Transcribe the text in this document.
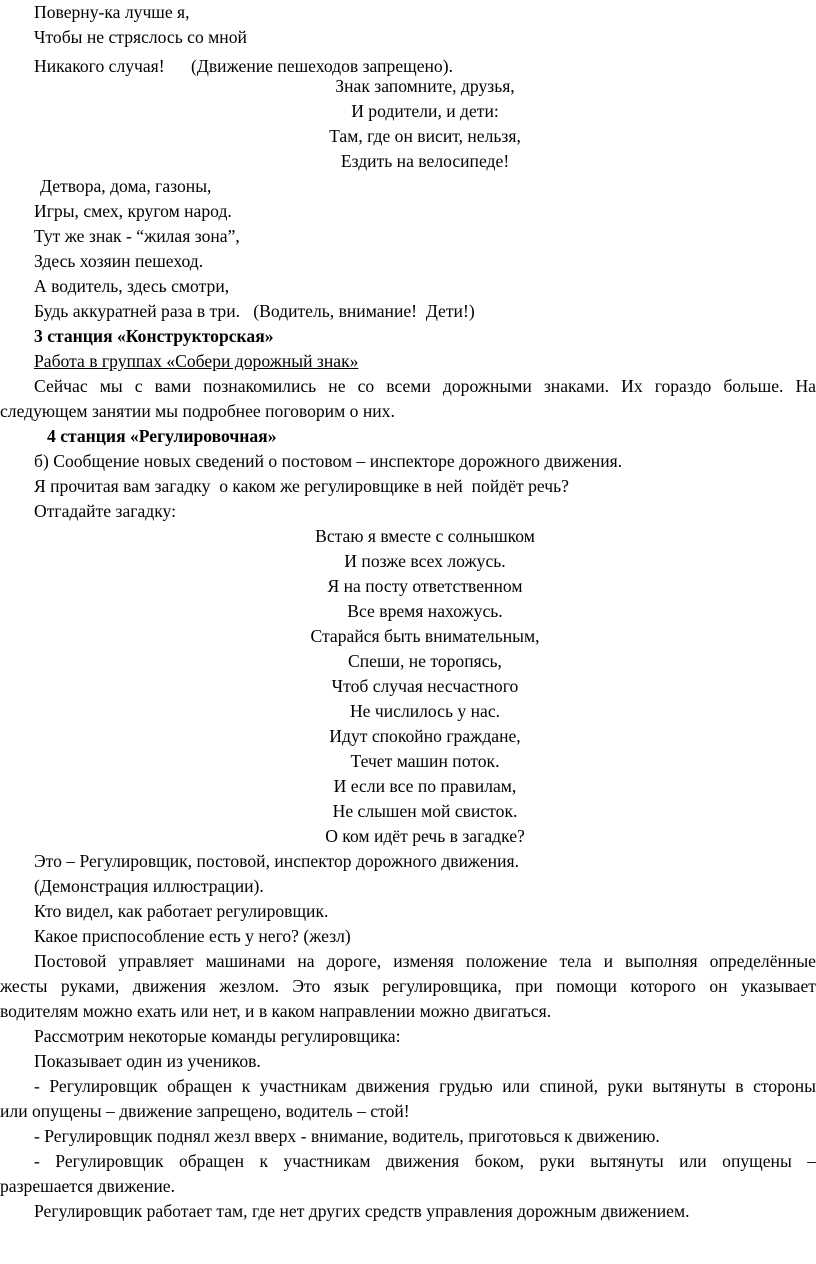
Поверну-ка лучше я,
Чтобы не стряслось со мной
Никакого случая!      (Движение пешеходов запрещено).
Знак запомните, друзья,
И родители, и дети:
Там, где он висит, нельзя,
Ездить на велосипеде!
Детвора, дома, газоны,
Игры, смех, кругом народ.
Тут же знак - “жилая зона”,
Здесь хозяин пешеход.
А водитель, здесь смотри,
Будь аккуратней раза в три.   (Водитель, внимание!  Дети!)
3 станция «Конструкторская»
Работа в группах «Собери дорожный знак»
Сейчас мы с вами познакомились не со всеми дорожными знаками. Их гораздо больше. На
следующем занятии мы подробнее поговорим о них.
4 станция «Регулировочная»
б) Сообщение новых сведений о постовом – инспекторе дорожного движения.
Я прочитая вам загадку  о каком же регулировщике в ней  пойдёт речь?
Отгадайте загадку:
Встаю я вместе с солнышком
И позже всех ложусь.
Я на посту ответственном
Все время нахожусь.
Старайся быть внимательным,
Спеши, не торопясь,
Чтоб случая несчастного
Не числилось у нас.
Идут спокойно граждане,
Течет машин поток.
И если все по правилам,
Не слышен мой свисток.
О ком идёт речь в загадке?
Это – Регулировщик, постовой, инспектор дорожного движения.
(Демонстрация иллюстрации).
Кто видел, как работает регулировщик.
Какое приспособление есть у него? (жезл)
Постовой управляет машинами на дороге, изменяя положение тела и выполняя определённые
жесты руками, движения жезлом. Это язык регулировщика, при помощи которого он указывает
водителям можно ехать или нет, и в каком направлении можно двигаться.
Рассмотрим некоторые команды регулировщика:
Показывает один из учеников.
- Регулировщик обращен к участникам движения грудью или спиной, руки вытянуты в стороны
или опущены – движение запрещено, водитель – стой!
- Регулировщик поднял жезл вверх - внимание, водитель, приготовься к движению.
- Регулировщик обращен к участникам движения боком, руки вытянуты или опущены –
разрешается движение.
Регулировщик работает там, где нет других средств управления дорожным движением.
